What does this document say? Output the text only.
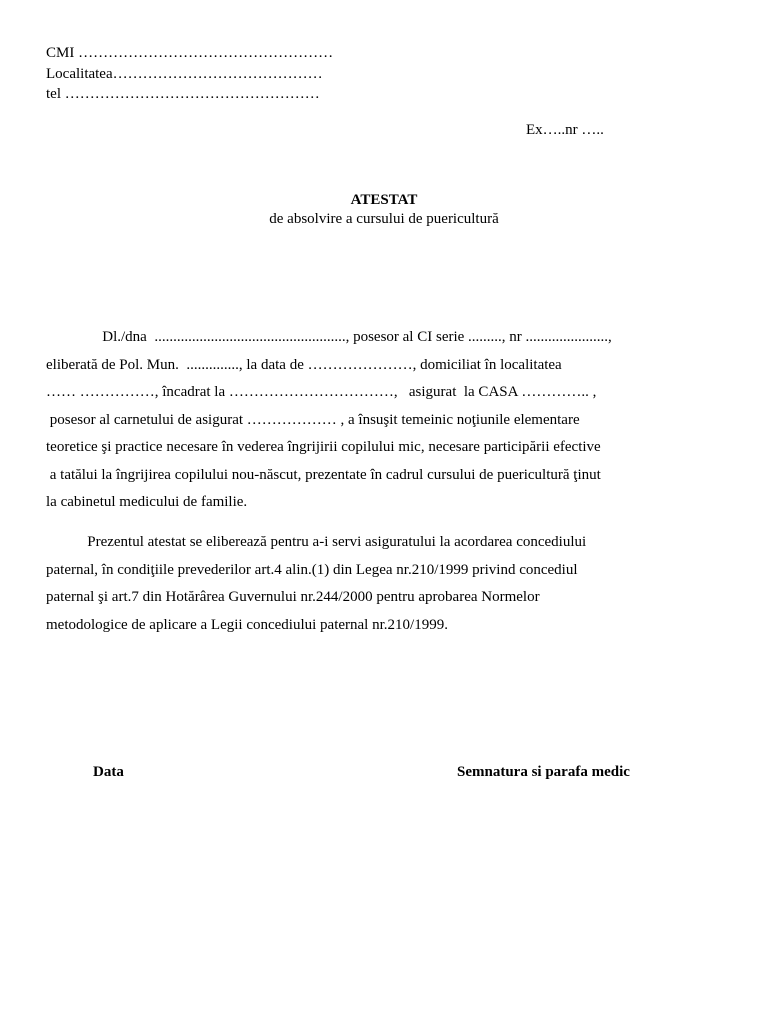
CMI ……………………………………………
Localitatea……………………………………
tel ……………………………………………
Ex…..nr …..
ATESTAT
de absolvire a cursului de puericultură
Dl./dna  ..................................................., posesor al CI serie ........., nr ......................,
eliberată de Pol. Mun.  .............., la data de …………………, domiciliat în localitatea
…… ……………, încadrat la ……………………………,   asigurat  la CASA ………….. ,
posesor al carnetului de asigurat ……………… , a însuşit temeinic noţiunile elementare
teoretice şi practice necesare în vederea îngrijirii copilului mic, necesare participării efective
a tatălui la îngrijirea copilului nou-născut, prezentate în cadrul cursului de puericultură ţinut
la cabinetul medicului de familie.
Prezentul atestat se eliberează pentru a-i servi asiguratului la acordarea concediului
paternal, în condiţiile prevederilor art.4 alin.(1) din Legea nr.210/1999 privind concediul
paternal şi art.7 din Hotărârea Guvernului nr.244/2000 pentru aprobarea Normelor
metodologice de aplicare a Legii concediului paternal nr.210/1999.
Data	Semnatura si parafa medic
